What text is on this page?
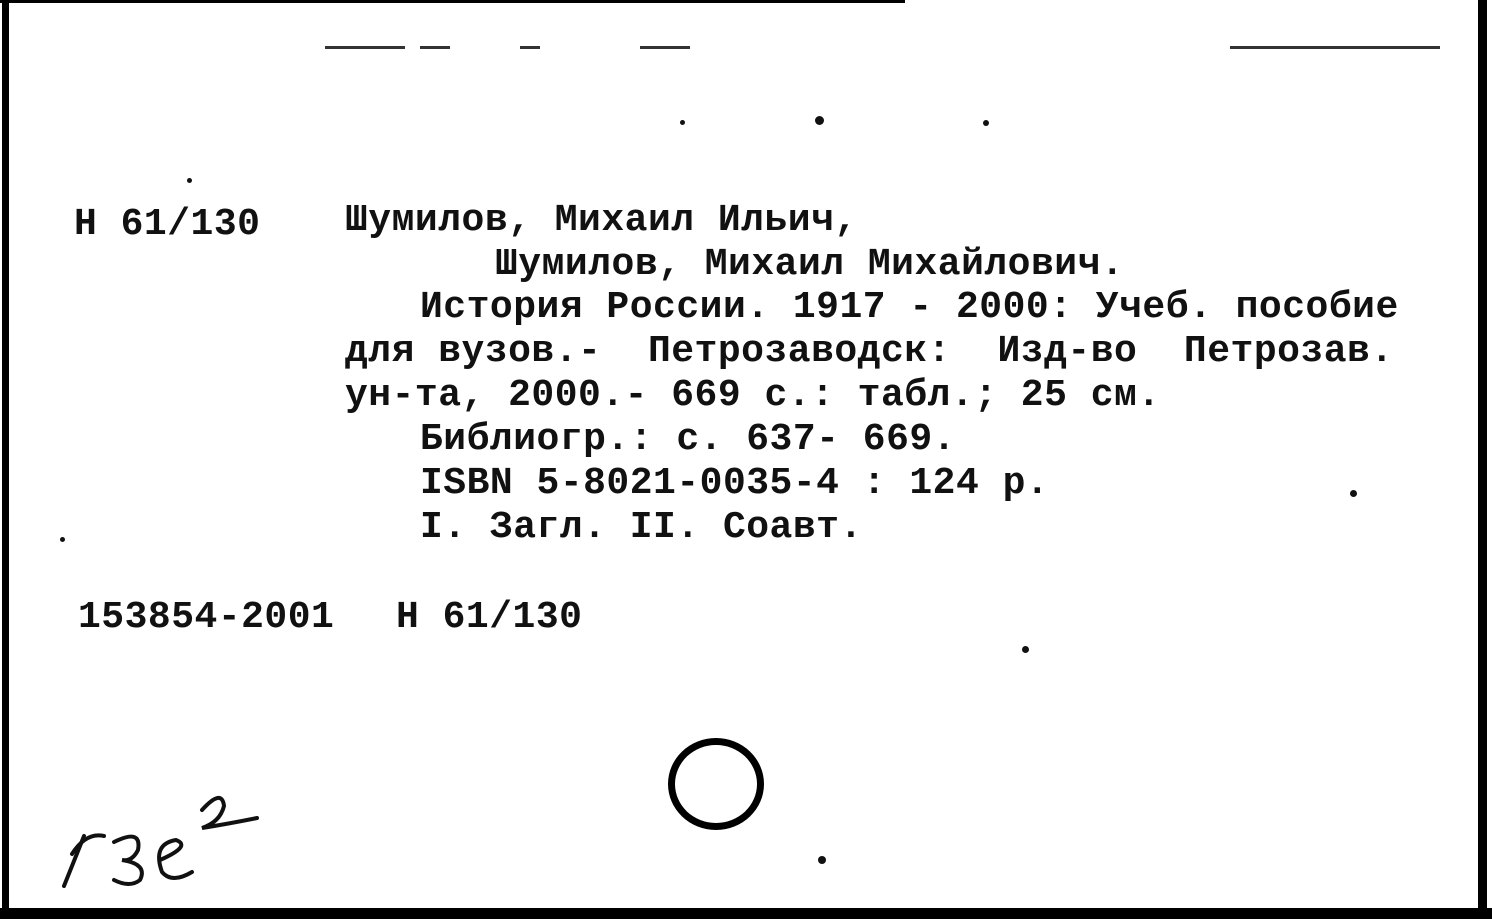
Н 61/130 Шумилов, Михаил Ильич,
Шумилов, Михаил Михайлович.
История России. 1917 - 2000: Учеб. пособие
для вузов.-  Петрозаводск:  Изд-во  Петрозав.
ун-та, 2000.- 669 с.: табл.; 25 см.
Библиогр.: с. 637- 669.
ISBN 5-8021-0035-4 : 124 р.
I. Загл. II. Соавт.
153854-2001 Н 61/130
